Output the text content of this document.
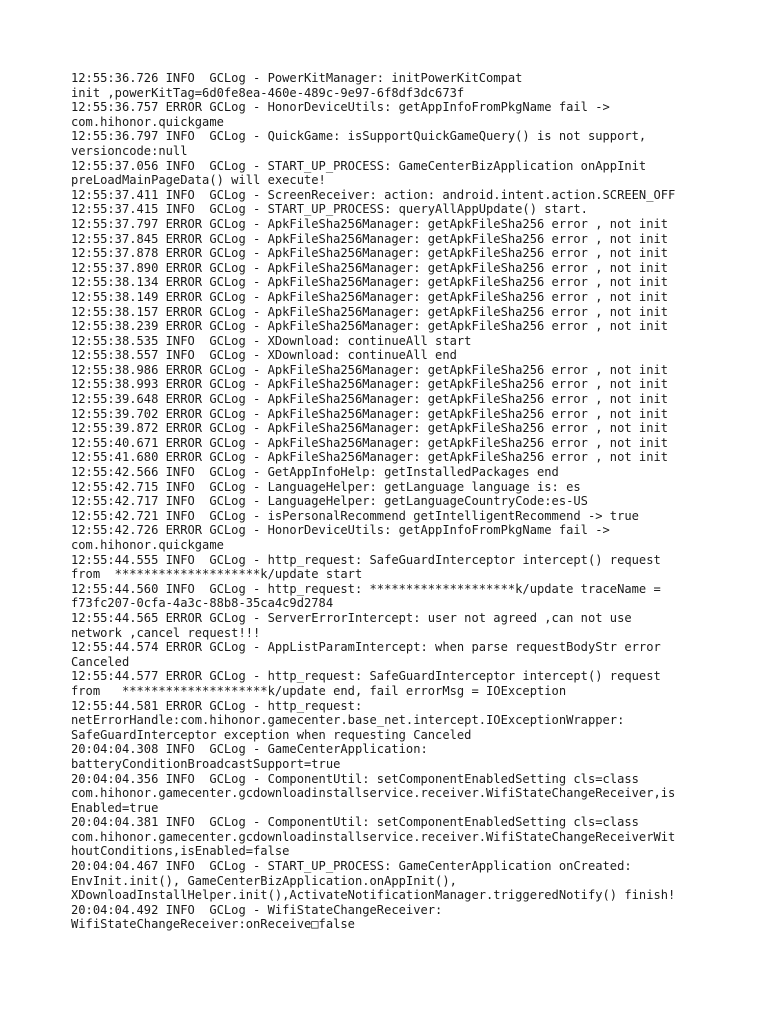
12:55:36.726 INFO  GCLog - PowerKitManager: initPowerKitCompat
init ,powerKitTag=6d0fe8ea-460e-489c-9e97-6f8df3dc673f
12:55:36.757 ERROR GCLog - HonorDeviceUtils: getAppInfoFromPkgName fail ->
com.hihonor.quickgame
12:55:36.797 INFO  GCLog - QuickGame: isSupportQuickGameQuery() is not support,
versioncode:null
12:55:37.056 INFO  GCLog - START_UP_PROCESS: GameCenterBizApplication onAppInit
preLoadMainPageData() will execute!
12:55:37.411 INFO  GCLog - ScreenReceiver: action: android.intent.action.SCREEN_OFF
12:55:37.415 INFO  GCLog - START_UP_PROCESS: queryAllAppUpdate() start.
12:55:37.797 ERROR GCLog - ApkFileSha256Manager: getApkFileSha256 error , not init
12:55:37.845 ERROR GCLog - ApkFileSha256Manager: getApkFileSha256 error , not init
12:55:37.878 ERROR GCLog - ApkFileSha256Manager: getApkFileSha256 error , not init
12:55:37.890 ERROR GCLog - ApkFileSha256Manager: getApkFileSha256 error , not init
12:55:38.134 ERROR GCLog - ApkFileSha256Manager: getApkFileSha256 error , not init
12:55:38.149 ERROR GCLog - ApkFileSha256Manager: getApkFileSha256 error , not init
12:55:38.157 ERROR GCLog - ApkFileSha256Manager: getApkFileSha256 error , not init
12:55:38.239 ERROR GCLog - ApkFileSha256Manager: getApkFileSha256 error , not init
12:55:38.535 INFO  GCLog - XDownload: continueAll start
12:55:38.557 INFO  GCLog - XDownload: continueAll end
12:55:38.986 ERROR GCLog - ApkFileSha256Manager: getApkFileSha256 error , not init
12:55:38.993 ERROR GCLog - ApkFileSha256Manager: getApkFileSha256 error , not init
12:55:39.648 ERROR GCLog - ApkFileSha256Manager: getApkFileSha256 error , not init
12:55:39.702 ERROR GCLog - ApkFileSha256Manager: getApkFileSha256 error , not init
12:55:39.872 ERROR GCLog - ApkFileSha256Manager: getApkFileSha256 error , not init
12:55:40.671 ERROR GCLog - ApkFileSha256Manager: getApkFileSha256 error , not init
12:55:41.680 ERROR GCLog - ApkFileSha256Manager: getApkFileSha256 error , not init
12:55:42.566 INFO  GCLog - GetAppInfoHelp: getInstalledPackages end
12:55:42.715 INFO  GCLog - LanguageHelper: getLanguage language is: es
12:55:42.717 INFO  GCLog - LanguageHelper: getLanguageCountryCode:es-US
12:55:42.721 INFO  GCLog - isPersonalRecommend getIntelligentRecommend -> true
12:55:42.726 ERROR GCLog - HonorDeviceUtils: getAppInfoFromPkgName fail ->
com.hihonor.quickgame
12:55:44.555 INFO  GCLog - http_request: SafeGuardInterceptor intercept() request
from  ********************k/update start
12:55:44.560 INFO  GCLog - http_request: ********************k/update traceName =
f73fc207-0cfa-4a3c-88b8-35ca4c9d2784
12:55:44.565 ERROR GCLog - ServerErrorIntercept: user not agreed ,can not use
network ,cancel request!!!
12:55:44.574 ERROR GCLog - AppListParamIntercept: when parse requestBodyStr error
Canceled
12:55:44.577 ERROR GCLog - http_request: SafeGuardInterceptor intercept() request
from   ********************k/update end, fail errorMsg = IOException
12:55:44.581 ERROR GCLog - http_request:
netErrorHandle:com.hihonor.gamecenter.base_net.intercept.IOExceptionWrapper:
SafeGuardInterceptor exception when requesting Canceled
20:04:04.308 INFO  GCLog - GameCenterApplication:
batteryConditionBroadcastSupport=true
20:04:04.356 INFO  GCLog - ComponentUtil: setComponentEnabledSetting cls=class
com.hihonor.gamecenter.gcdownloadinstallservice.receiver.WifiStateChangeReceiver,is
Enabled=true
20:04:04.381 INFO  GCLog - ComponentUtil: setComponentEnabledSetting cls=class
com.hihonor.gamecenter.gcdownloadinstallservice.receiver.WifiStateChangeReceiverWit
houtConditions,isEnabled=false
20:04:04.467 INFO  GCLog - START_UP_PROCESS: GameCenterApplication onCreated:
EnvInit.init(), GameCenterBizApplication.onAppInit(),
XDownloadInstallHelper.init(),ActivateNotificationManager.triggeredNotify() finish!
20:04:04.492 INFO  GCLog - WifiStateChangeReceiver:
WifiStateChangeReceiver:onReceive□false
